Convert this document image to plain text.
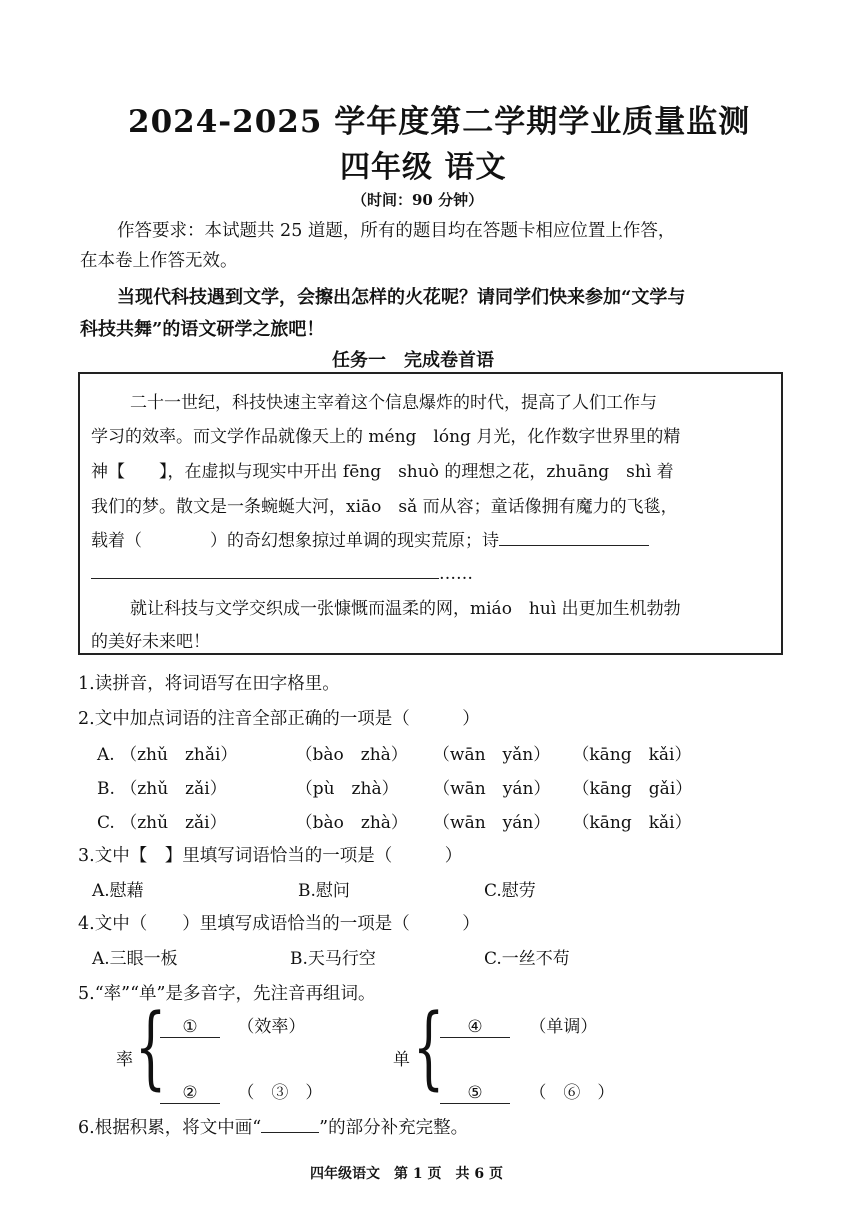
2024-2025 学年度第二学期学业质量监测
四年级 语文
（时间：90 分钟）
作答要求：本试题共 25 道题，所有的题目均在答题卡相应位置上作答，
在本卷上作答无效。
当现代科技遇到文学，会擦出怎样的火花呢？请同学们快来参加“文学与
科技共舞”的语文研学之旅吧！
任务一　完成卷首语
二十一世纪，科技快速主宰着这个信息爆炸的时代，提高了人们工作与
学习的效率。而文学作品就像天上的 méng　lóng 月光，化作数字世界里的精
神【　　】，在虚拟与现实中开出 fēng　shuò 的理想之花，zhuāng　shì 着
我们的梦。散文是一条蜿蜒大河，xiāo　sǎ 而从容；童话像拥有魔力的飞毯，
载着（　　　　）的奇幻想象掠过单调的现实荒原；诗
……
就让科技与文学交织成一张慷慨而温柔的网，miáo　huì 出更加生机勃勃
的美好未来吧！
1.读拼音，将词语写在田字格里。
2.文中加点词语的注音全部正确的一项是（　　　）
A. （zhǔ　zhǎi）	（bào　zhà） （wān　yǎn） （kāng　kǎi）
B. （zhǔ　zǎi）	（pù　zhà） （wān　yán） （kāng　gǎi）
C. （zhǔ　zǎi）	（bào　zhà） （wān　yán） （kāng　kǎi）
3.文中【　】里填写词语恰当的一项是（　　　）
A.慰藉	B.慰问	C.慰劳
4.文中（　　）里填写成语恰当的一项是（　　　）
A.三眼一板	B.天马行空	C.一丝不苟
5.“率”“单”是多音字，先注音再组词。
率 { ① （效率）
② （　③　）
单 {	④	（单调）
⑤	（　⑥　）
6.根据积累，将文中画“	”的部分补充完整。
四年级语文　第 1 页　共 6 页
